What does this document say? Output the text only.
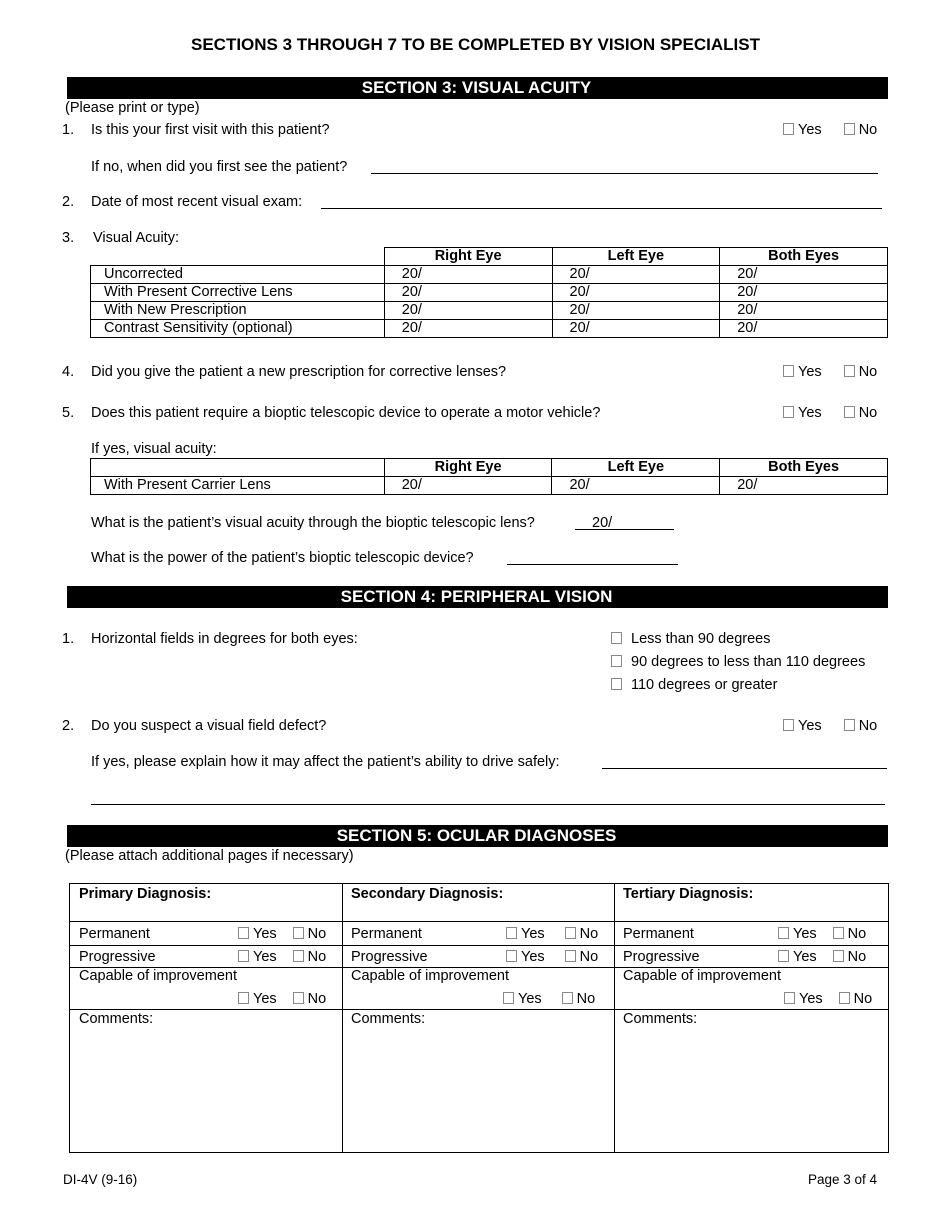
SECTIONS 3 THROUGH 7 TO BE COMPLETED BY VISION SPECIALIST
SECTION 3: VISUAL ACUITY
(Please print or type)
1. Is this your first visit with this patient?	Yes	No
If no, when did you first see the patient?
2. Date of most recent visual exam:
3. Visual Acuity:
	Right Eye	Left Eye	Both Eyes
Uncorrected	20/	20/	20/
With Present Corrective Lens	20/	20/	20/
With New Prescription	20/	20/	20/
Contrast Sensitivity (optional)	20/	20/	20/
4. Did you give the patient a new prescription for corrective lenses?	Yes	No
5. Does this patient require a bioptic telescopic device to operate a motor vehicle?	Yes	No
If yes, visual acuity:
	Right Eye	Left Eye	Both Eyes
With Present Carrier Lens	20/	20/	20/
What is the patient’s visual acuity through the bioptic telescopic lens?	20/
What is the power of the patient’s bioptic telescopic device?
SECTION 4: PERIPHERAL VISION
1. Horizontal fields in degrees for both eyes:	Less than 90 degrees
90 degrees to less than 110 degrees
110 degrees or greater
2. Do you suspect a visual field defect?	Yes	No
If yes, please explain how it may affect the patient’s ability to drive safely:
SECTION 5: OCULAR DIAGNOSES
(Please attach additional pages if necessary)
Primary Diagnosis:
Permanent	Yes No
Progressive	Yes No
Capable of improvement
Yes No
Comments:
Secondary Diagnosis:
Permanent	Yes No
Progressive	Yes No
Capable of improvement
Yes No
Comments:
Tertiary Diagnosis:
Permanent	Yes No
Progressive	Yes No
Capable of improvement
Yes No
Comments:
DI-4V (9-16)	Page 3 of 4
